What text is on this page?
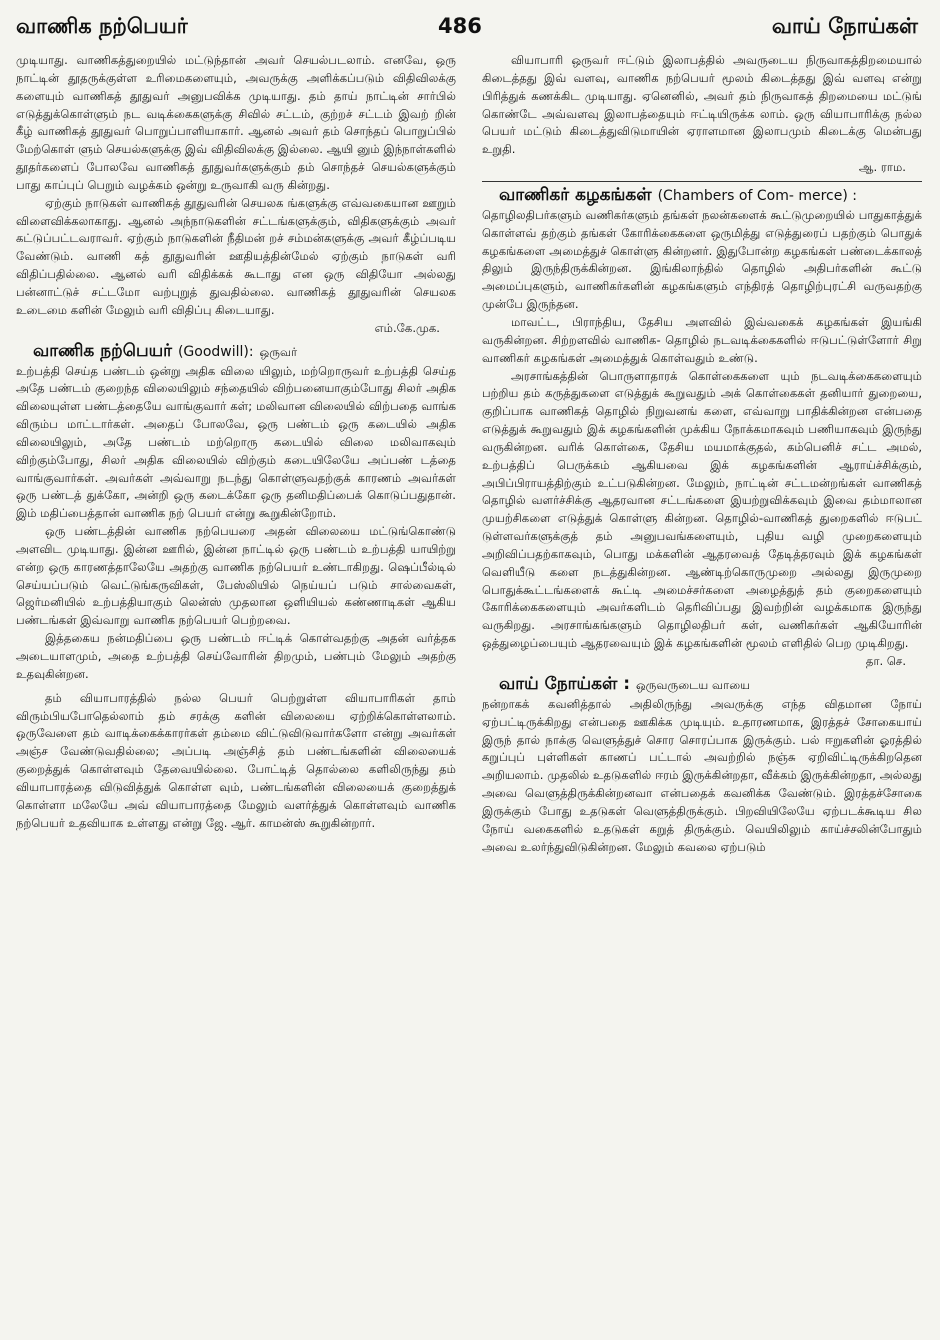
வாணிக நற்பெயர்	486	வாய் நோய்கள்

முடியாது. வாணிகத்துறையில் மட்டுந்தான் அவர் செயல்படலாம். எனவே, ஒரு நாட்டின் தூதருக்குள்ள உரிமைகளையும், அவருக்கு அளிக்கப்படும் விதிவிலக்கு களையும் வாணிகத் தூதுவர் அனுபவிக்க முடியாது. தம் தாய் நாட்டின் சார்பில் எடுத்துக்கொள்ளும் நட வடிக்கைகளுக்கு சிவில் சட்டம், குற்றச் சட்டம் இவற் றின் கீழ் வாணிகத் தூதுவர் பொறுப்பாளியாகார். ஆனல் அவர் தம் சொந்தப் பொறுப்பில் மேற்கொள் ளும் செயல்களுக்கு இவ் விதிவிலக்கு இல்லை. ஆயி னும் இந்நாள்களில் தூதர்களைப் போலவே வாணிகத் தூதுவர்களுக்கும் தம் சொந்தச் செயல்களுக்கும் பாது காப்புப் பெறும் வழக்கம் ஒன்று உருவாகி வரு கின்றது.

ஏற்கும் நாடுகள் வாணிகத் தூதுவரின் செயலக ங்களுக்கு எவ்வகையான ஊறும் விளைவிக்கலாகாது. ஆனல் அந்நாடுகளின் சட்டங்களுக்கும், விதிகளுக்கும் அவர் கட்டுப்பட்டவராவர். ஏற்கும் நாடுகளின் நீதிமன் றச் சம்மன்களுக்கு அவர் கீழ்ப்படிய வேண்டும். வாணி கத் தூதுவரின் ஊதியத்தின்மேல் ஏற்கும் நாடுகள் வரி விதிப்பதில்லை. ஆனல் வரி விதிக்கக் கூடாது என ஒரு விதியோ அல்லது பன்னாட்டுச் சட்டமோ வற்புறுத் துவதில்லை. வாணிகத் தூதுவரின் செயலக உடைமை களின் மேலும் வரி விதிப்பு கிடையாது.

எம்.கே.முக.

வாணிக நற்பெயர் (Goodwill): ஒருவர்

உற்பத்தி செய்த பண்டம் ஒன்று அதிக விலை யிலும், மற்றொருவர் உற்பத்தி செய்த அதே பண்டம் குறைந்த விலையிலும் சந்தையில் விற்பனையாகும்போது சிலர் அதிக விலையுள்ள பண்டத்தையே வாங்குவார் கள்; மலிவான விலையில் விற்பதை வாங்க விரும்ப மாட்டார்கள். அதைப் போலவே, ஒரு பண்டம் ஒரு கடையில் அதிக விலையிலும், அதே பண்டம் மற்றொரு கடையில் விலை மலிவாகவும் விற்கும்போது, சிலர் அதிக விலையில் விற்கும் கடையிலேயே அப்பண் டத்தை வாங்குவார்கள். அவர்கள் அவ்வாறு நடந்து கொள்ளுவதற்குக் காரணம் அவர்கள் ஒரு பண்டத் துக்கோ, அன்றி ஒரு கடைக்கோ ஒரு தனிமதிப்பைக் கொடுப்பதுதான். இம் மதிப்பைத்தான் வாணிக நற் பெயர் என்று கூறுகின்றோம்.

ஒரு பண்டத்தின் வாணிக நற்பெயரை அதன் விலையை மட்டுங்கொண்டு அளவிட முடியாது. இன்ன ஊரில், இன்ன நாட்டில் ஒரு பண்டம் உற்பத்தி யாயிற்று என்ற ஒரு காரணத்தாலேயே அதற்கு வாணிக நற்பெயர் உண்டாகிறது. ஷெப்பீல்டில் செய்யப்படும் வெட்டுங்கருவிகள், பேஸ்லியில் நெய்யப் படும் சால்வைகள், ஜெர்மனியில் உற்பத்தியாகும் லென்ஸ் முதலான ஒளியியல் கண்ணாடிகள் ஆகிய பண்டங்கள் இவ்வாறு வாணிக நற்பெயர் பெற்றவை.

இத்தகைய நன்மதிப்பை ஒரு பண்டம் ஈட்டிக் கொள்வதற்கு அதன் வர்த்தக அடையாளமும், அதை உற்பத்தி செய்வோரின் திறமும், பண்பும் மேலும் அதற்கு உதவுகின்றன.

தம் வியாபாரத்தில் நல்ல பெயர் பெற்றுள்ள வியாபாரிகள் தாம் விரும்பியபோதெல்லாம் தம் சரக்கு களின் விலையை ஏற்றிக்கொள்ளலாம். ஒருவேளை தம் வாடிக்கைக்காரர்கள் தம்மை விட்டுவிடுவார்களோ என்று அவர்கள் அஞ்ச வேண்டுவதில்லை; அப்படி அஞ்சித் தம் பண்டங்களின் விலையைக் குறைத்துக் கொள்ளவும் தேவையில்லை. போட்டித் தொல்லை களிலிருந்து தம் வியாபாரத்தை விடுவித்துக் கொள்ள வும், பண்டங்களின் விலையைக் குறைத்துக் கொள்ளா மலேயே அவ் வியாபாரத்தை மேலும் வளர்த்துக் கொள்ளவும் வாணிக நற்பெயர் உதவியாக உள்ளது என்று ஜே. ஆர். காமன்ஸ் கூறுகின்றார்.

வியாபாரி ஒருவர் ஈட்டும் இலாபத்தில் அவருடைய நிருவாகத்திறமையால் கிடைத்தது இவ் வளவு, வாணிக நற்பெயர் மூலம் கிடைத்தது இவ் வளவு என்று பிரித்துக் கணக்கிட முடியாது. ஏனெனில், அவர் தம் நிருவாகத் திறமையை மட்டுங் கொண்டே அவ்வளவு இலாபத்தையும் ஈட்டியிருக்க லாம். ஒரு வியாபாரிக்கு நல்ல பெயர் மட்டும் கிடைத்துவிடுமாயின் ஏராளமான இலாபமும் கிடைக்கு மென்பது உறுதி.

ஆ. ராம.

வாணிகர் கழகங்கள் (Chambers of Com- merce) :

தொழிலதிபர்களும் வணிகர்களும் தங்கள் நலன்களைக் கூட்டுமுறையில் பாதுகாத்துக் கொள்ளவ் தற்கும் தங்கள் கோரிக்கைகளை ஒருமித்து எடுத்துரைப் பதற்கும் பொதுக் கழகங்களை அமைத்துச் கொள்ளு கின்றனர். இதுபோன்ற கழகங்கள் பண்டைக்காலத் திலும் இருந்திருக்கின்றன. இங்கிலாந்தில் தொழில் அதிபர்களின் கூட்டு அமைப்புகளும், வாணிகர்களின் கழகங்களும் எந்திரத் தொழிற்புரட்சி வருவதற்கு முன்பே இருந்தன.

மாவட்ட, பிராந்திய, தேசிய அளவில் இவ்வகைக் கழகங்கள் இயங்கி வருகின்றன. சிற்றளவில் வாணிக- தொழில் நடவடிக்கைகளில் ஈடுபட்டுள்ளோர் சிறு வாணிகர் கழகங்கள் அமைத்துக் கொள்வதும் உண்டு.

அரசாங்கத்தின் பொருளாதாரக் கொள்கைகளை யும் நடவடிக்கைகளையும் பற்றிய தம் கருத்துகளை எடுத்துக் கூறுவதும் அக் கொள்கைகள் தனியார் துறையை, குறிப்பாக வாணிகத் தொழில் நிறுவனங் களை, எவ்வாறு பாதிக்கின்றன என்பதை எடுத்துக் கூறுவதும் இக் கழகங்களின் முக்கிய நோக்கமாகவும் பணியாகவும் இருந்து வருகின்றன. வரிக் கொள்கை, தேசிய மயமாக்குதல், கம்பெனிச் சட்ட அமல், உற்பத்திப் பெருக்கம் ஆகியவை இக் கழகங்களின் ஆராய்ச்சிக்கும், அபிப்பிராயத்திற்கும் உட்படுகின்றன. மேலும், நாட்டின் சட்டமன்றங்கள் வாணிகத் தொழில் வளர்ச்சிக்கு ஆதரவான சட்டங்களை இயற்றுவிக்கவும் இவை தம்மாலான முயற்சிகளை எடுத்துக் கொள்ளு கின்றன. தொழில்-வாணிகத் துறைகளில் ஈடுபட் டுள்ளவர்களுக்குத் தம் அனுபவங்களையும், புதிய வழி முறைகளையும் அறிவிப்பதற்காகவும், பொது மக்களின் ஆதரவைத் தேடித்தரவும் இக் கழகங்கள் வெளியீடு களை நடத்துகின்றன. ஆண்டிற்கொருமுறை அல்லது இருமுறை பொதுக்கூட்டங்களைக் கூட்டி அமைச்சர்களை அழைத்துத் தம் குறைகளையும் கோரிக்கைகளையும் அவர்களிடம் தெரிவிப்பது இவற்றின் வழக்கமாக இருந்து வருகிறது. அரசாங்கங்களும் தொழிலதிபர் கள், வணிகர்கள் ஆகியோரின் ஒத்துழைப்பையும் ஆதரவையும் இக் கழகங்களின் மூலம் எளிதில் பெற முடிகிறது.

தா. செ.

வாய் நோய்கள் : ஒருவருடைய வாயை

நன்றாகக் கவனித்தால் அதிலிருந்து அவருக்கு எந்த விதமான நோய் ஏற்பட்டிருக்கிறது என்பதை ஊகிக்க முடியும். உதாரணமாக, இரத்தச் சோகையாய் இருந் தால் நாக்கு வெளுத்துச் சொர சொரப்பாக இருக்கும். பல் ஈறுகளின் ஓரத்தில் கறுப்புப் புள்ளிகள் காணப் பட்டால் அவற்றில் நஞ்சு ஏறிவிட்டிருக்கிறதென அறியலாம். முதலில் உதடுகளில் ஈரம் இருக்கின்றதா, வீக்கம் இருக்கின்றதா, அல்லது அவை வெளுத்திருக்கின்றனவா என்பதைக் கவனிக்க வேண்டும். இரத்தச்சோகை இருக்கும் போது உதடுகள் வெளுத்திருக்கும். பிறவியிலேயே ஏற்படக்கூடிய சில நோய் வகைகளில் உதடுகள் கறுத் திருக்கும். வெயிலிலும் காய்ச்சலின்போதும் அவை உலர்ந்துவிடுகின்றன. மேலும் கவலை ஏற்படும்
